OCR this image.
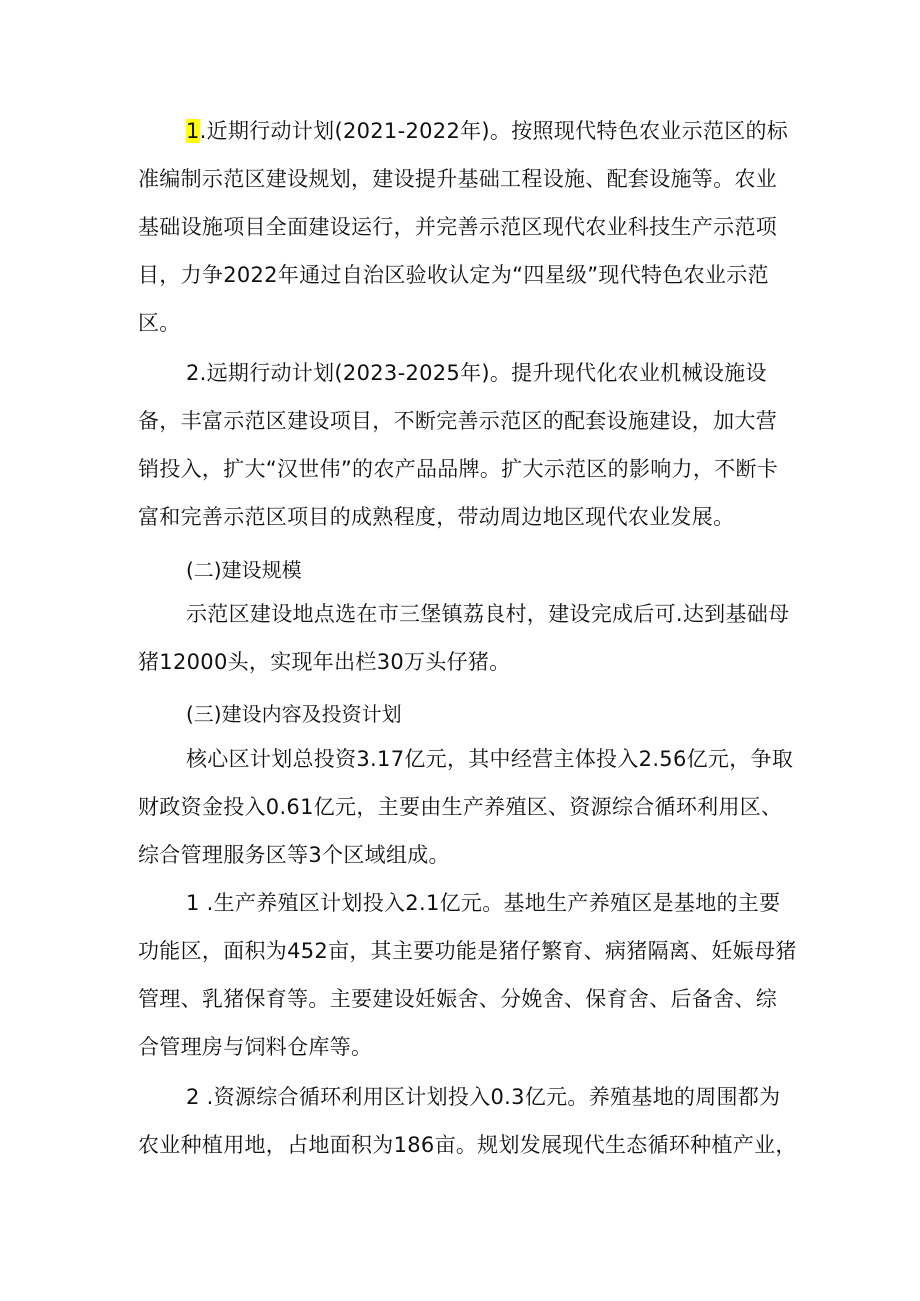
1.近期行动计划(2021-2022年)。按照现代特色农业示范区的标准编制示范区建设规划，建设提升基础工程设施、配套设施等。农业基础设施项目全面建设运行，并完善示范区现代农业科技生产示范项目，力争2022年通过自治区验收认定为“四星级”现代特色农业示范区。

2.远期行动计划(2023-2025年)。提升现代化农业机械设施设备，丰富示范区建设项目，不断完善示范区的配套设施建设，加大营销投入，扩大“汉世伟”的农产品品牌。扩大示范区的影响力，不断卡富和完善示范区项目的成熟程度，带动周边地区现代农业发展。

(二)建设规模

示范区建设地点选在市三堡镇荔良村，建设完成后可.达到基础母猪12000头，实现年出栏30万头仔猪。

(三)建设内容及投资计划

核心区计划总投资3.17亿元，其中经营主体投入2.56亿元，争取财政资金投入0.61亿元，主要由生产养殖区、资源综合循环利用区、综合管理服务区等3个区域组成。

1 .生产养殖区计划投入2.1亿元。基地生产养殖区是基地的主要功能区，面积为452亩，其主要功能是猪仔繁育、病猪隔离、妊娠母猪管理、乳猪保育等。主要建设妊娠舍、分娩舍、保育舍、后备舍、综合管理房与饲料仓库等。

2 .资源综合循环利用区计划投入0.3亿元。养殖基地的周围都为农业种植用地，占地面积为186亩。规划发展现代生态循环种植产业，
